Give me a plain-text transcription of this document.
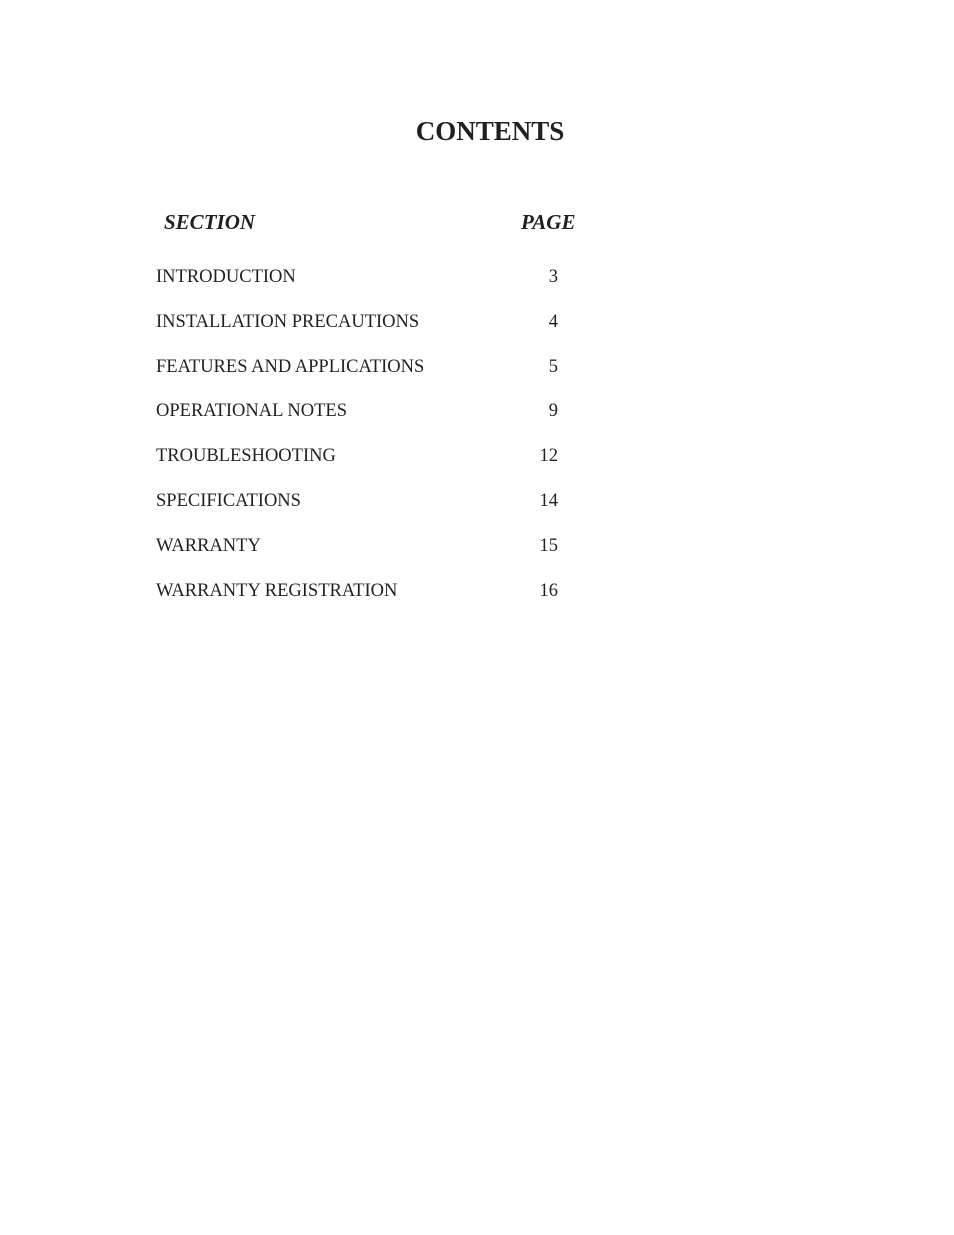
CONTENTS
SECTION	PAGE
INTRODUCTION	3
INSTALLATION PRECAUTIONS	4
FEATURES AND APPLICATIONS	5
OPERATIONAL NOTES	9
TROUBLESHOOTING	12
SPECIFICATIONS	14
WARRANTY	15
WARRANTY REGISTRATION	16
